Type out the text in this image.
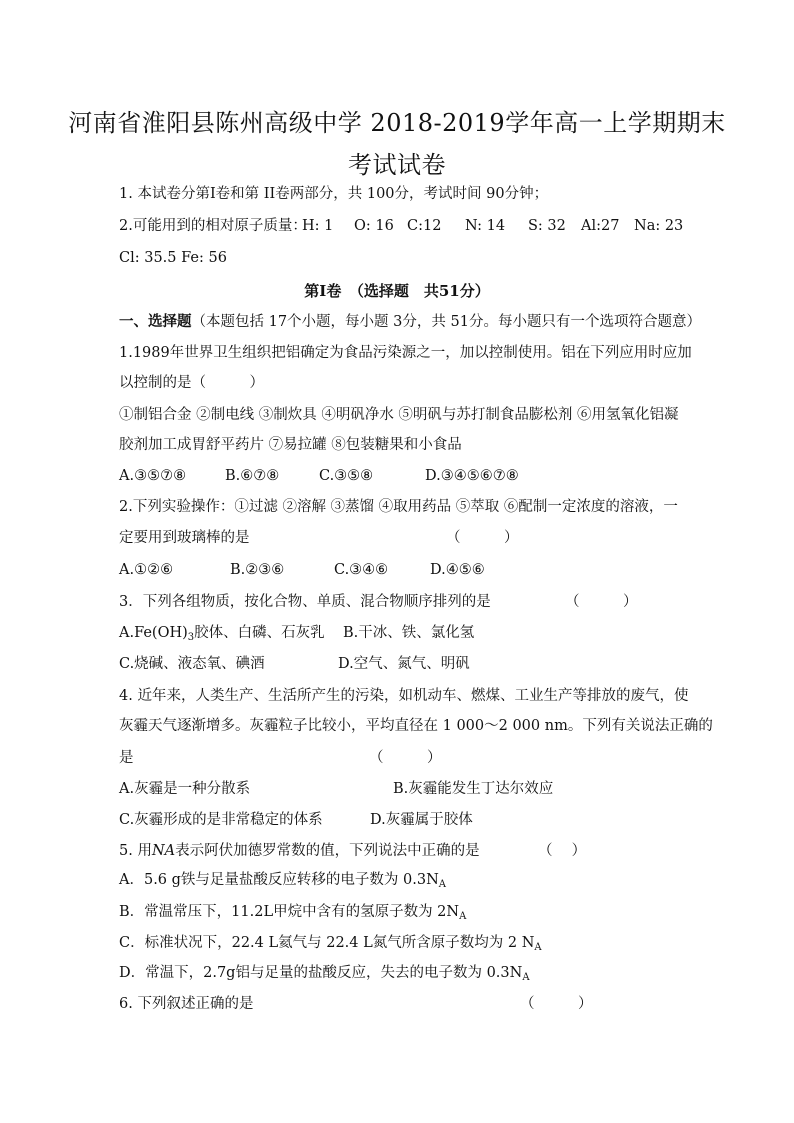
河南省淮阳县陈州高级中学 2018-2019学年高一上学期期末
考试试卷
1. 本试卷分第I卷和第 II卷两部分，共 100分，考试时间 90分钟；
2.可能用到的相对原子质量：
H: 1 O: 16 C:12 N: 14 S: 32 Al:27 Na: 23
Cl: 35.5 Fe: 56
第I卷　（选择题　共51分）
一、选择题（本题包括 17个小题，每小题 3分，共 51分。每小题只有一个选项符合题意）
1.1989年世界卫生组织把铝确定为食品污染源之一，加以控制使用。铝在下列应用时应加
以控制的是（　　　）
①制铝合金 ②制电线 ③制炊具 ④明矾净水 ⑤明矾与苏打制食品膨松剂 ⑥用氢氧化铝凝
胶剂加工成胃舒平药片 ⑦易拉罐 ⑧包装糖果和小食品
A.③⑤⑦⑧	B.⑥⑦⑧	C.③⑤⑧	D.③④⑤⑥⑦⑧
2.下列实验操作：①过滤 ②溶解 ③蒸馏 ④取用药品 ⑤萃取 ⑥配制一定浓度的溶液，一
定要用到玻璃棒的是	（　　　）
A.①②⑥	B.②③⑥	C.③④⑥	D.④⑤⑥
3．下列各组物质，按化合物、单质、混合物顺序排列的是	（　　　）
$A.Fe(OH)_3$胶体、白磷、石灰乳 B.干冰、铁、氯化氢
C.烧碱、液态氧、碘酒	D.空气、氮气、明矾
4. 近年来，人类生产、生活所产生的污染，如机动车、燃煤、工业生产等排放的废气，使
灰霾天气逐渐增多。灰霾粒子比较小，平均直径在 1 000～2 000 nm。下列有关说法正确的
是	（　　　）
A.灰霾是一种分散系	B.灰霾能发生丁达尔效应
C.灰霾形成的是非常稳定的体系	D.灰霾属于胶体
5. 用NA表示阿伏加德罗常数的值，下列说法中正确的是	（　 ）
A．5.6 g铁与足量盐酸反应转移的电子数为 $0.3N_A$
B．常温常压下，11.2L甲烷中含有的氢原子数为 $2N_A$
C．标准状况下，22.4 L氦气与 22.4 L氮气所含原子数均为 2 $N_A$
D．常温下，2.7g铝与足量的盐酸反应，失去的电子数为 $0.3N_A$
6. 下列叙述正确的是	（　　　）
